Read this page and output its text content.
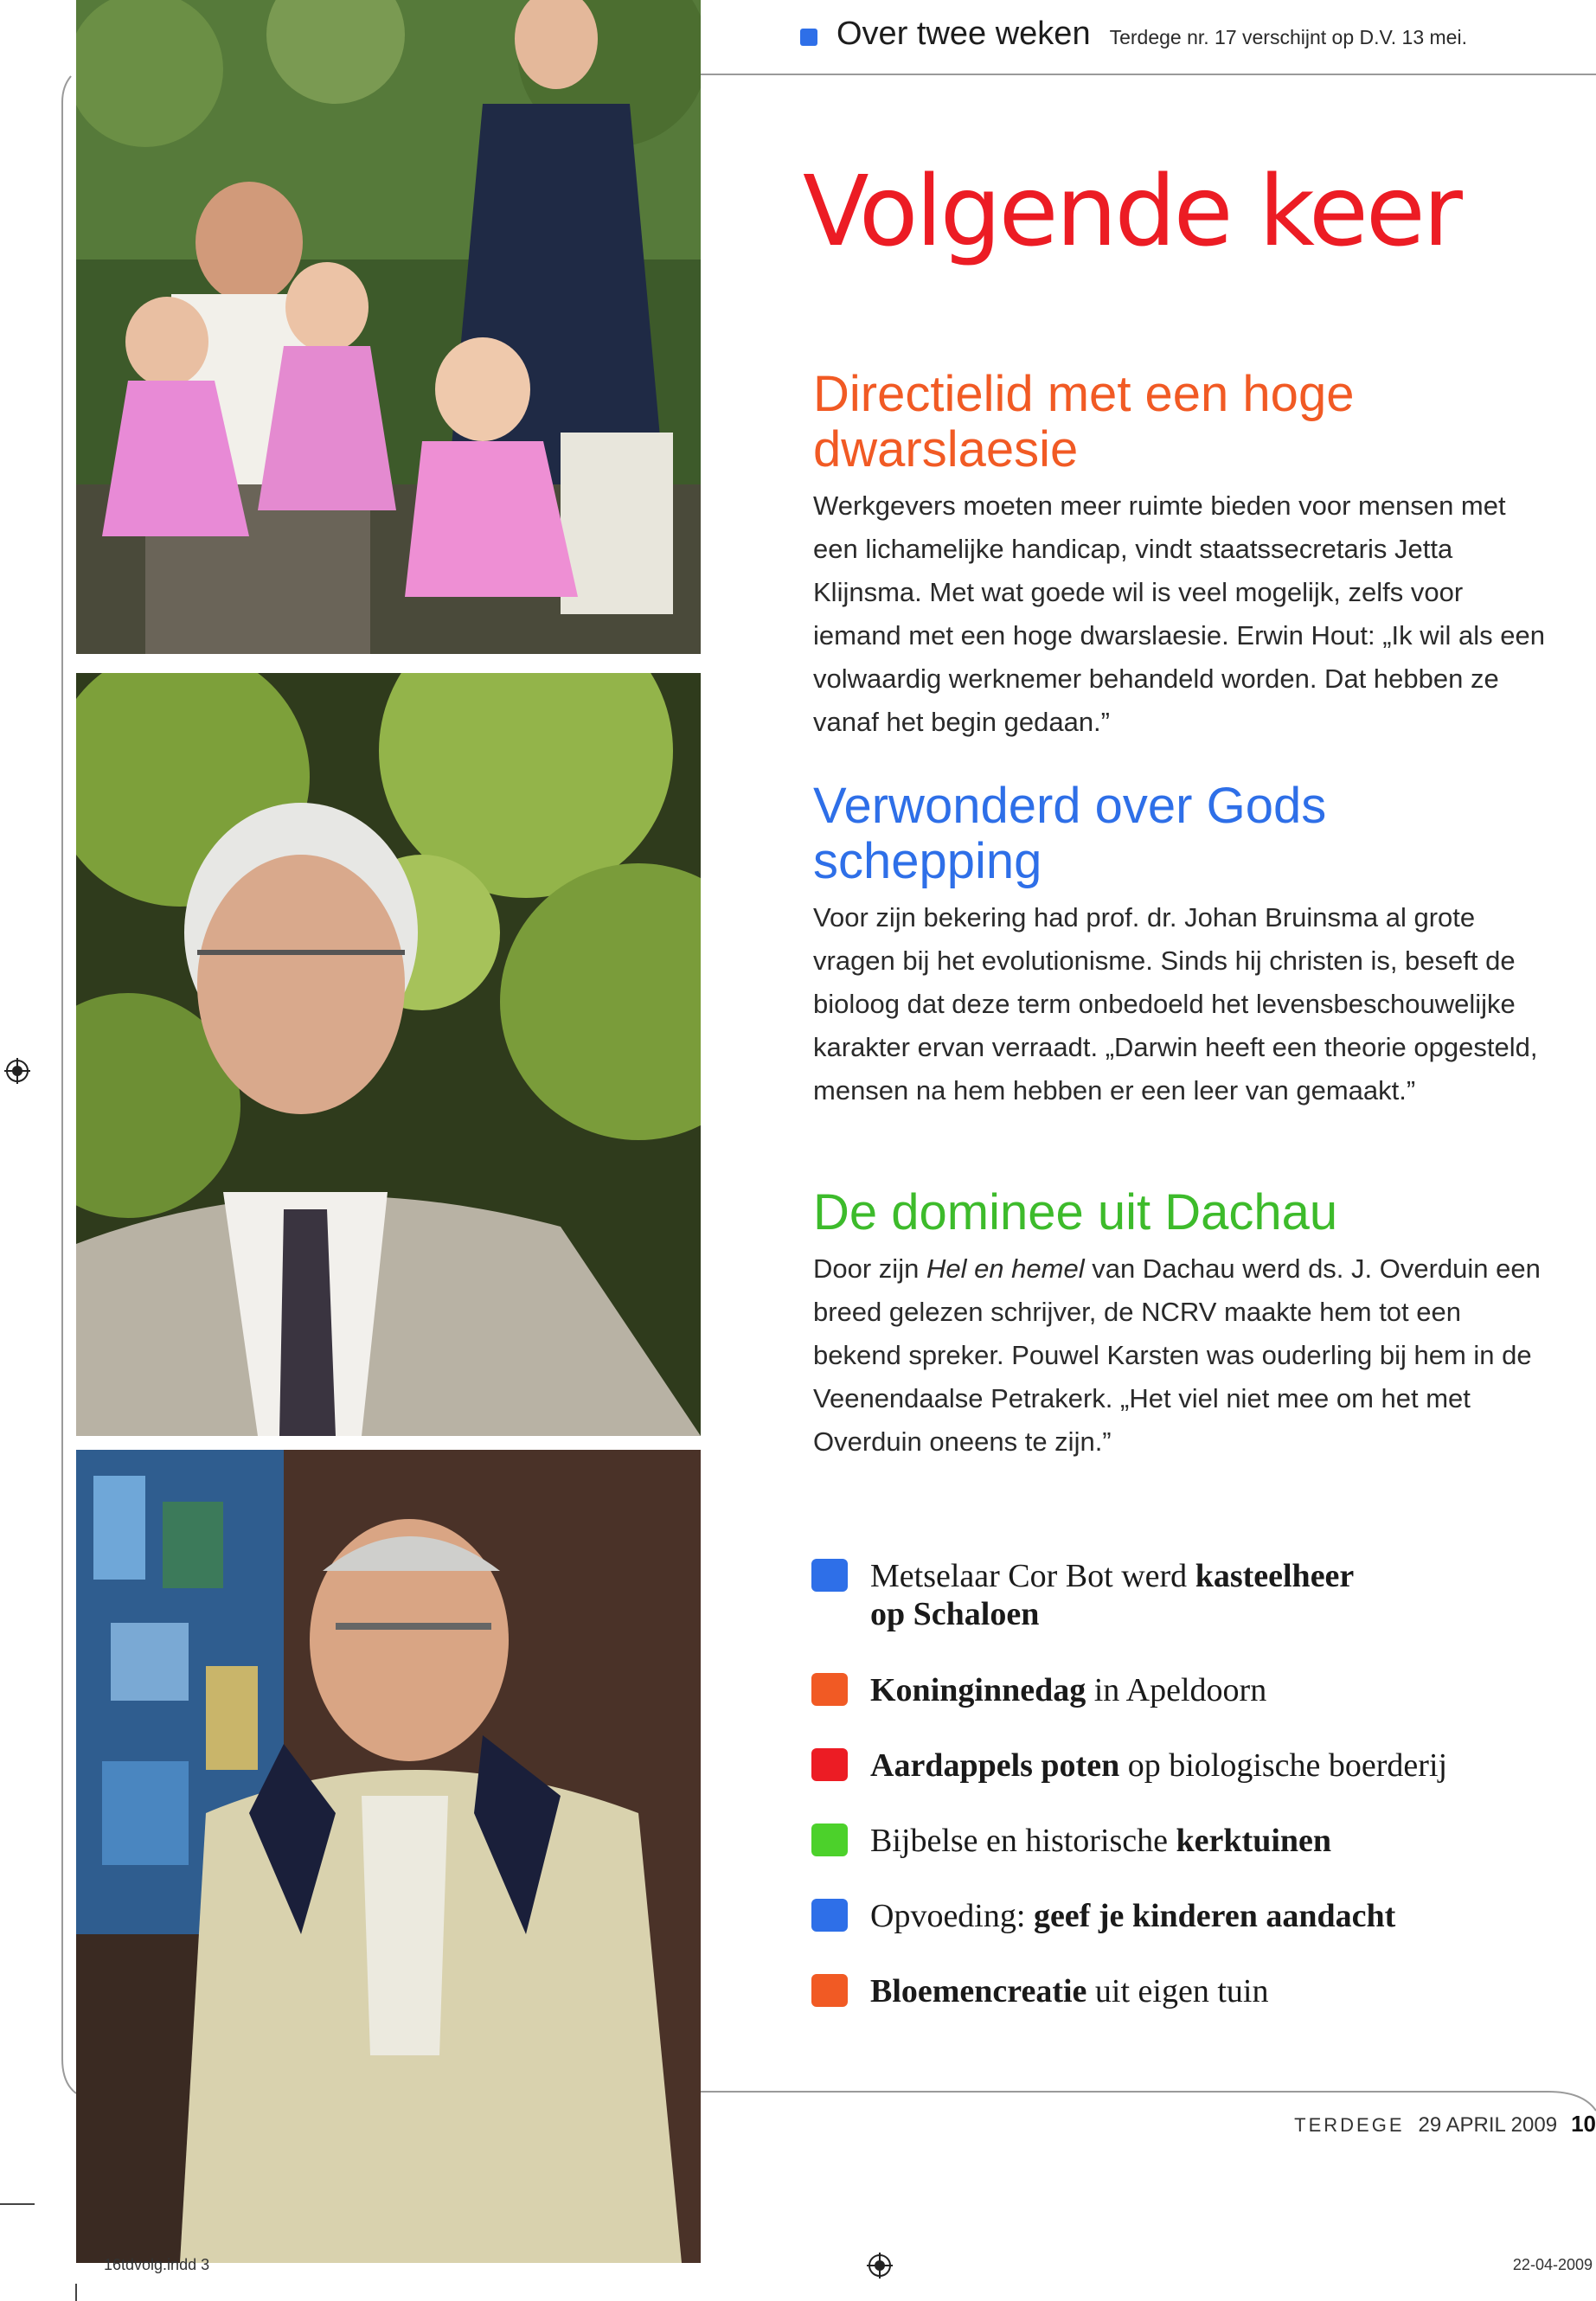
Over twee weken Terdege nr. 17 verschijnt op D.V. 13 mei.
Volgende keer
Directielid met een hoge dwarslaesie

Werkgevers moeten meer ruimte bieden voor mensen met een lichamelijke handicap, vindt staatssecretaris Jetta Klijnsma. Met wat goede wil is veel mogelijk, zelfs voor iemand met een hoge dwarslaesie. Erwin Hout: „Ik wil als een volwaardig werknemer behandeld worden. Dat hebben ze vanaf het begin gedaan.”

Verwonderd over Gods schepping

Voor zijn bekering had prof. dr. Johan Bruinsma al grote vragen bij het evolutionisme. Sinds hij christen is, beseft de bioloog dat deze term onbedoeld het levensbeschouwelijke karakter ervan verraadt. „Darwin heeft een theorie opgesteld, mensen na hem hebben er een leer van gemaakt.”

De dominee uit Dachau

Door zijn Hel en hemel van Dachau werd ds. J. Overduin een breed gelezen schrijver, de NCRV maakte hem tot een bekend spreker. Pouwel Karsten was ouderling bij hem in de Veenendaalse Petrakerk. „Het viel niet mee om het met Overduin oneens te zijn.”

Metselaar Cor Bot werd kasteelheer
op Schaloen
Koninginnedag in Apeldoorn
Aardappels poten op biologische boerderij
Bijbelse en historische kerktuinen
Opvoeding: geef je kinderen aandacht
Bloemencreatie uit eigen tuin
TERDEGE 29 APRIL 2009 10
16tdvolg.indd 3	22-04-2009
